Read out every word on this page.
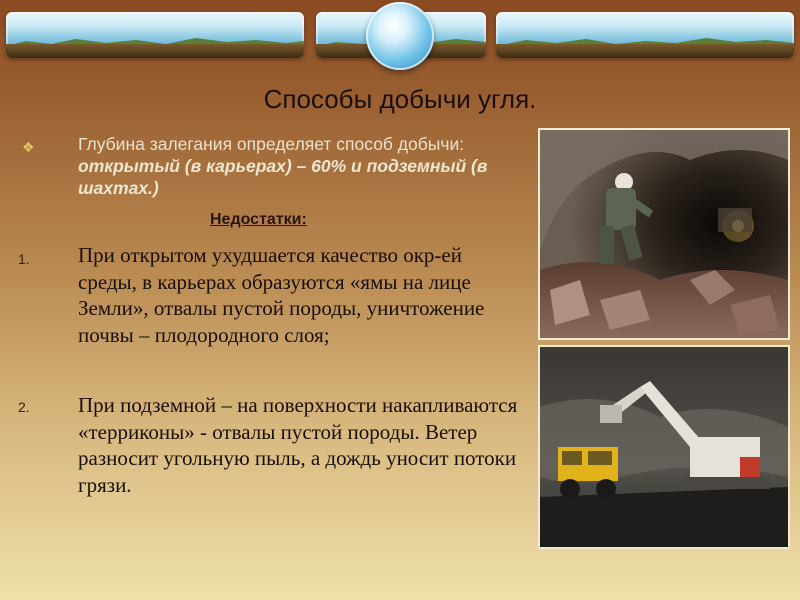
Способы добычи угля.
❖ Глубина залегания определяет способ добычи: открытый (в карьерах) – 60% и подземный (в шахтах.)
Недостатки:
1. При открытом ухудшается качество окр-ей среды, в карьерах образуются «ямы на лице Земли», отвалы пустой породы, уничтожение почвы – плодородного слоя;
2. При подземной – на поверхности накапливаются «терриконы» - отвалы пустой породы. Ветер разносит угольную пыль, а дождь уносит потоки грязи.
